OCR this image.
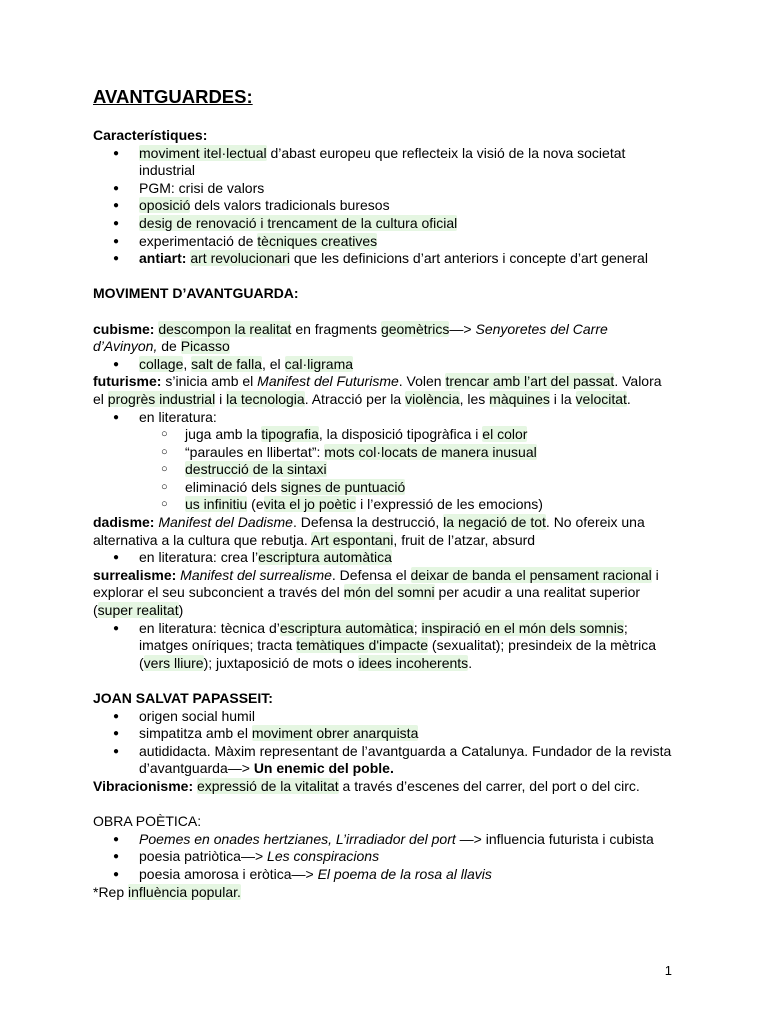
AVANTGUARDES:
Característiques:
● moviment itel·lectual d’abast europeu que reflecteix la visió de la nova societat industrial
● PGM: crisi de valors
● oposició dels valors tradicionals buresos
● desig de renovació i trencament de la cultura oficial
● experimentació de tècniques creatives
● antiart: art revolucionari que les definicions d’art anteriors i concepte d’art general
MOVIMENT D’AVANTGUARDA:

cubisme: descompon la realitat en fragments geomètrics—> Senyoretes del Carre d’Avinyon, de Picasso

● collage, salt de falla, el cal·ligrama

futurisme: s’inicia amb el Manifest del Futurisme. Volen trencar amb l’art del passat. Valora el progrès industrial i la tecnologia. Atracció per la violència, les màquines i la velocitat.

● en literatura:
○ juga amb la tipografia, la disposició tipogràfica i el color
○ “paraules en llibertat”: mots col·locats de manera inusual
○ destrucció de la sintaxi
○ eliminació dels signes de puntuació
○ us infinitiu (evita el jo poètic i l’expressió de les emocions)

dadisme: Manifest del Dadisme. Defensa la destrucció, la negació de tot. No ofereix una alternativa a la cultura que rebutja. Art espontani, fruit de l’atzar, absurd

● en literatura: crea l’escriptura automàtica

surrealisme: Manifest del surrealisme. Defensa el deixar de banda el pensament racional i explorar el seu subconcient a través del món del somni per acudir a una realitat superior (super realitat)

● en literatura: tècnica d’escriptura automàtica; inspiració en el món dels somnis; imatges oníriques; tracta temàtiques d'impacte (sexualitat); presindeix de la mètrica (vers lliure); juxtaposició de mots o idees incoherents.
JOAN SALVAT PAPASSEIT:
● origen social humil
● simpatitza amb el moviment obrer anarquista
● autididacta. Màxim representant de l’avantguarda a Catalunya. Fundador de la revista d’avantguarda—> Un enemic del poble.

Vibracionisme: expressió de la vitalitat a través d’escenes del carrer, del port o del circ.

OBRA POÈTICA:
● Poemes en onades hertzianes, L’irradiador del port —> influencia futurista i cubista
● poesia patriòtica—> Les conspiracions
● poesia amorosa i eròtica—> El poema de la rosa al llavis

*Rep influència popular.

1
